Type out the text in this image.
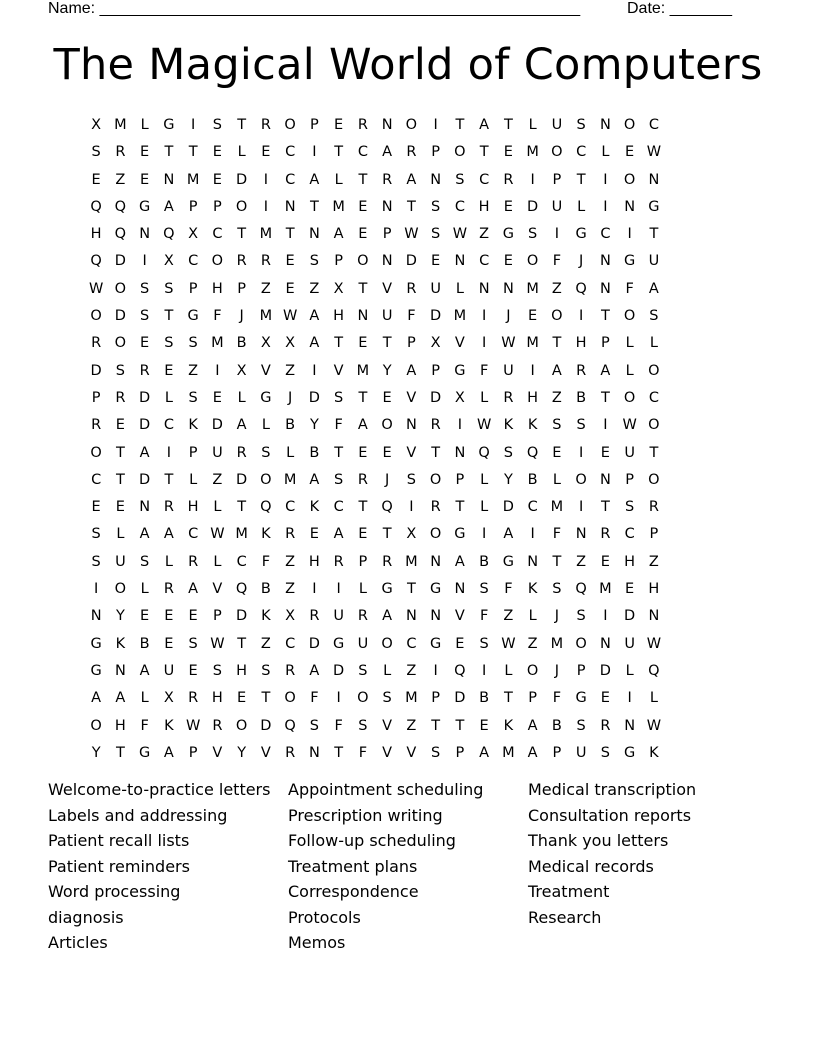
Name: ______________________________________________________	Date: _______
The Magical World of Computers
X M L	G	I	S	T	R O P	E	R N O	I	T	A	T	L	U S N O C
S	R	E	T	T	E	L	E	C	I	T	C A R	P O T	E M O C	L	E W
E	Z	E N M E D	I	C A	L	T	R A N S	C R	I	P	T	I	O N
Q Q G A	P	P O	I	N T M E N T	S	C H E D U	L	I	N G
H Q N Q X C	T M T N A	E	P W S W Z G S	I	G C	I	T
Q D	I	X C O R R	E	S	P O N D E N C	E O F	J	N G U
W O S	S	P H P	Z	E	Z X	T	V R U	L	N N M Z Q N	F	A
O D S	T G F	J	M W A H N U	F D M	I	J	E O	I	T O S
R O E	S	S M B X X A	T	E	T	P	X V	I	W M T H P	L	L
D S	R	E	Z	I	X V Z	I	V M Y	A	P G F	U	I	A R A	L O
P	R D	L	S	E	L	G	J	D S	T	E	V D X	L	R H Z B	T O C
R	E D C K D A	L	B	Y	F	A O N R	I	W K	K	S	S	I	W O
O T	A	I	P	U R	S	L	B	T	E	E	V	T N Q S Q E	I	E U	T
C	T D T	L	Z D O M A	S	R	J	S O P	L	Y	B	L O N P O
E	E N R H	L	T Q C K C	T Q	I	R	T	L	D C M	I	T	S	R
S	L	A A C W M K R	E	A	E	T	X O G	I	A	I	F	N R C	P
S U S	L	R	L	C	F	Z H R	P	R M N A B G N T	Z	E H Z
I	O	L	R A V Q B Z	I	I	L	G T G N S	F	K	S Q M E H
N Y	E	E	E	P D K	X R U R A N N V	F	Z	L	J	S	I	D N
G K	B	E	S W T	Z C D G U O C G E	S W Z M O N U W
G N A U E	S H S	R A D S	L	Z	I	Q	I	L O	J	P D	L Q
A A	L	X R H E	T O F	I	O S M P D B	T	P	F G E	I	L
O H	F	K W R O D Q S	F	S	V Z	T	T	E	K	A B	S	R N W
Y	T G A	P	V	Y	V R N T	F	V V	S	P	A M A	P	U S G K
Welcome-to-practice letters
Labels and addressing
Patient recall lists
Patient reminders
Word processing
diagnosis
Articles
Appointment scheduling
Prescription writing
Follow-up scheduling
Treatment plans
Correspondence
Protocols
Memos
Medical transcription
Consultation reports
Thank you letters
Medical records
Treatment
Research
